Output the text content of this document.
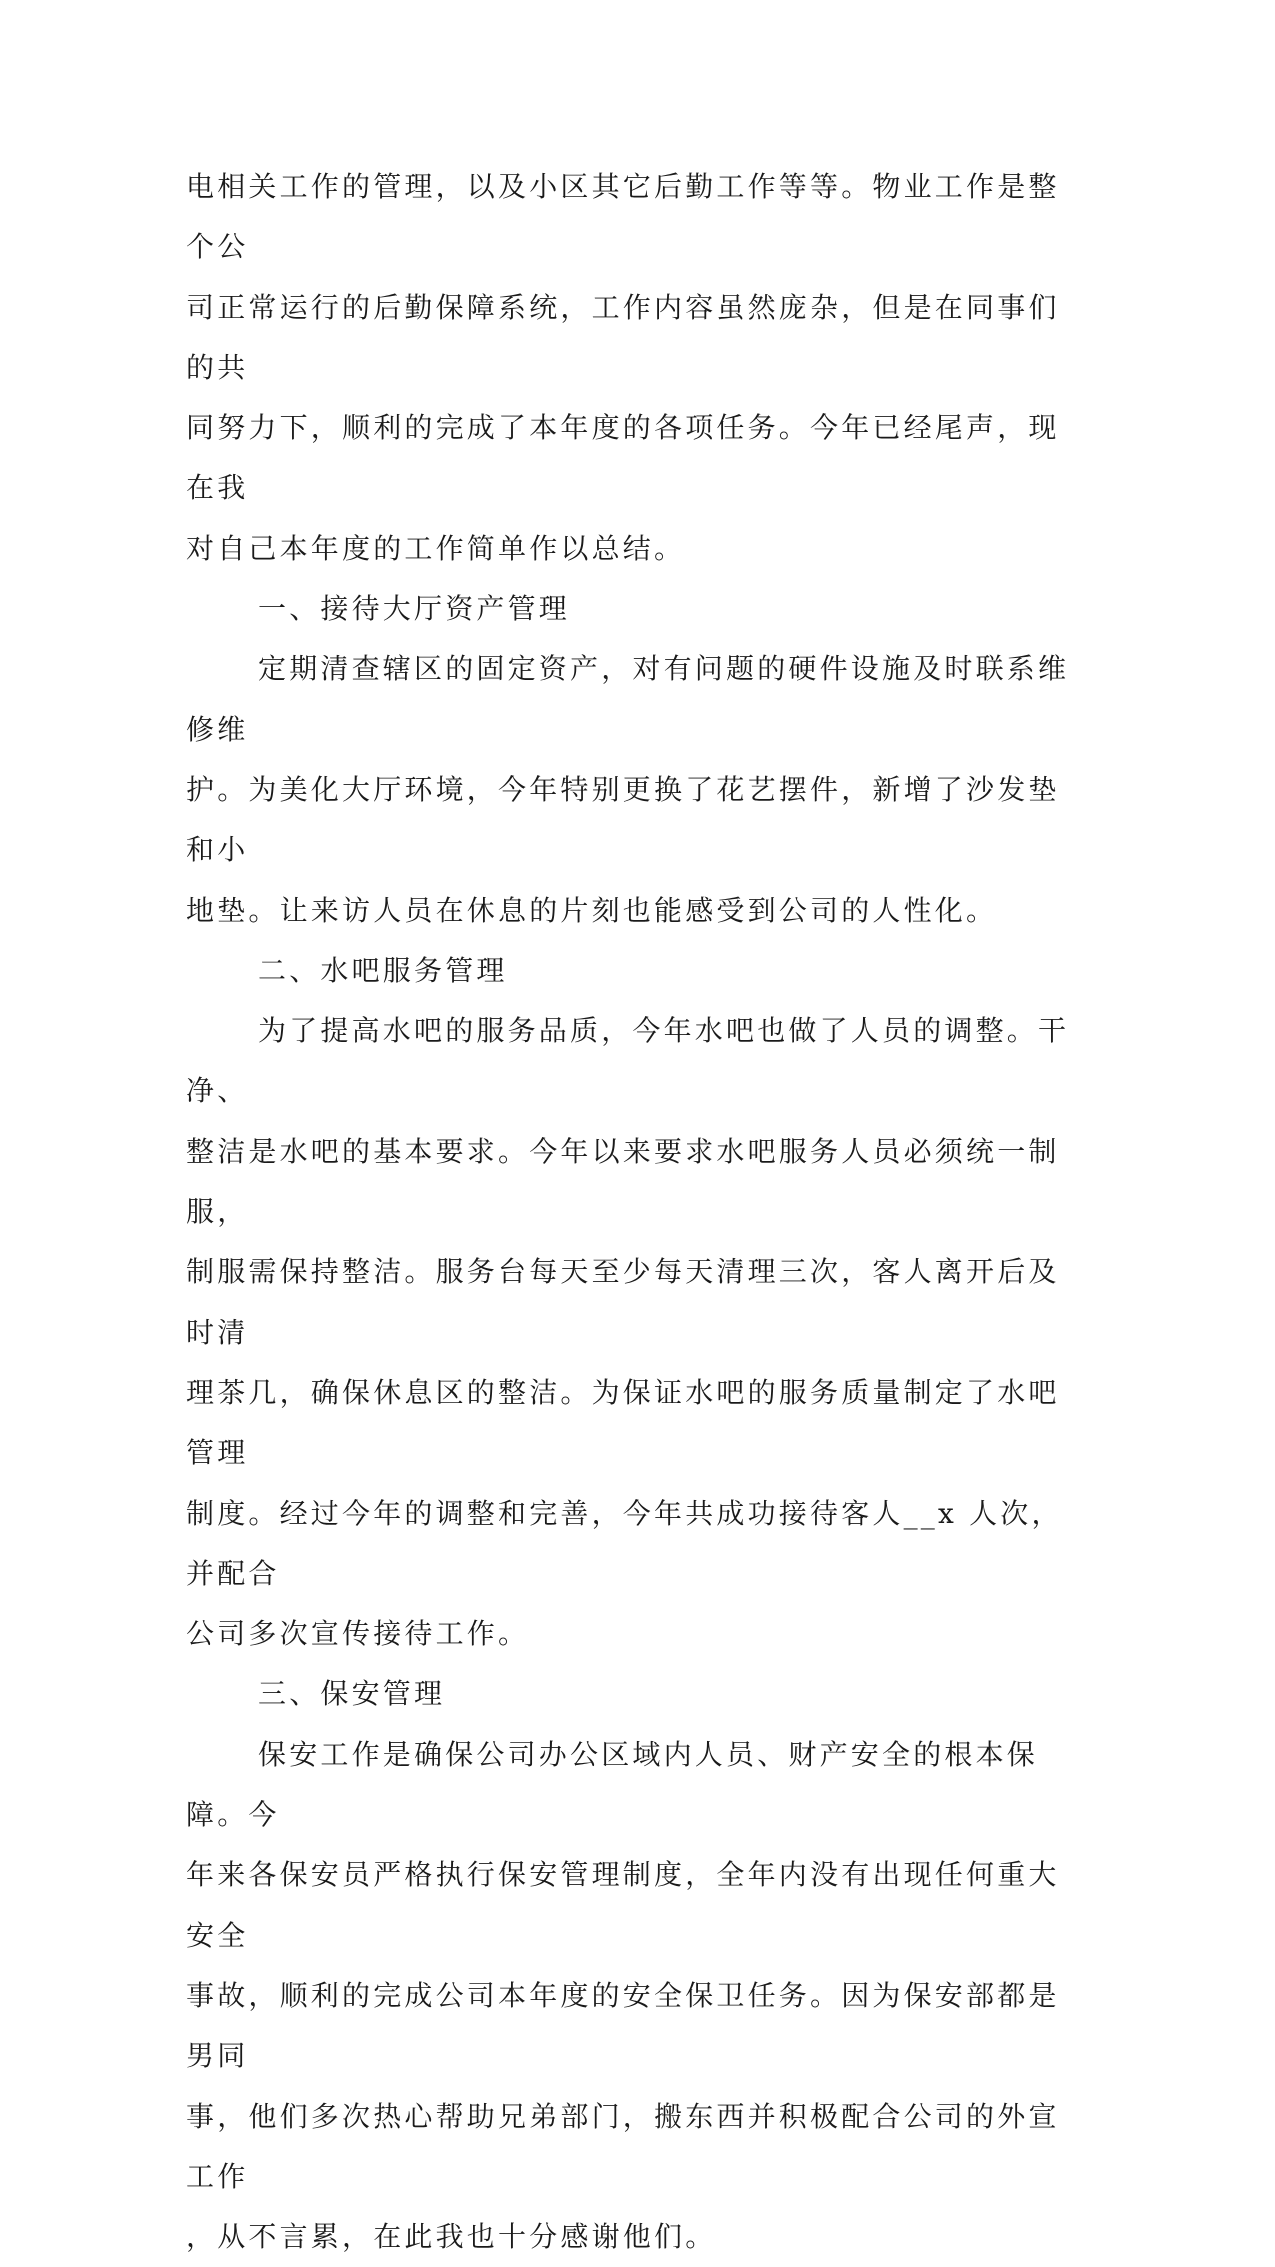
电相关工作的管理，以及小区其它后勤工作等等。物业工作是整个公

司正常运行的后勤保障系统，工作内容虽然庞杂，但是在同事们的共

同努力下，顺利的完成了本年度的各项任务。今年已经尾声，现在我

对自己本年度的工作简单作以总结。

一、接待大厅资产管理

定期清查辖区的固定资产，对有问题的硬件设施及时联系维修维

护。为美化大厅环境，今年特别更换了花艺摆件，新增了沙发垫和小

地垫。让来访人员在休息的片刻也能感受到公司的人性化。

二、水吧服务管理

为了提高水吧的服务品质，今年水吧也做了人员的调整。干净、

整洁是水吧的基本要求。今年以来要求水吧服务人员必须统一制服，

制服需保持整洁。服务台每天至少每天清理三次，客人离开后及时清

理茶几，确保休息区的整洁。为保证水吧的服务质量制定了水吧管理

制度。经过今年的调整和完善，今年共成功接待客人__x 人次，并配合

公司多次宣传接待工作。

三、保安管理

保安工作是确保公司办公区域内人员、财产安全的根本保障。今

年来各保安员严格执行保安管理制度，全年内没有出现任何重大安全

事故，顺利的完成公司本年度的安全保卫任务。因为保安部都是男同

事，他们多次热心帮助兄弟部门，搬东西并积极配合公司的外宣工作

，从不言累，在此我也十分感谢他们。
